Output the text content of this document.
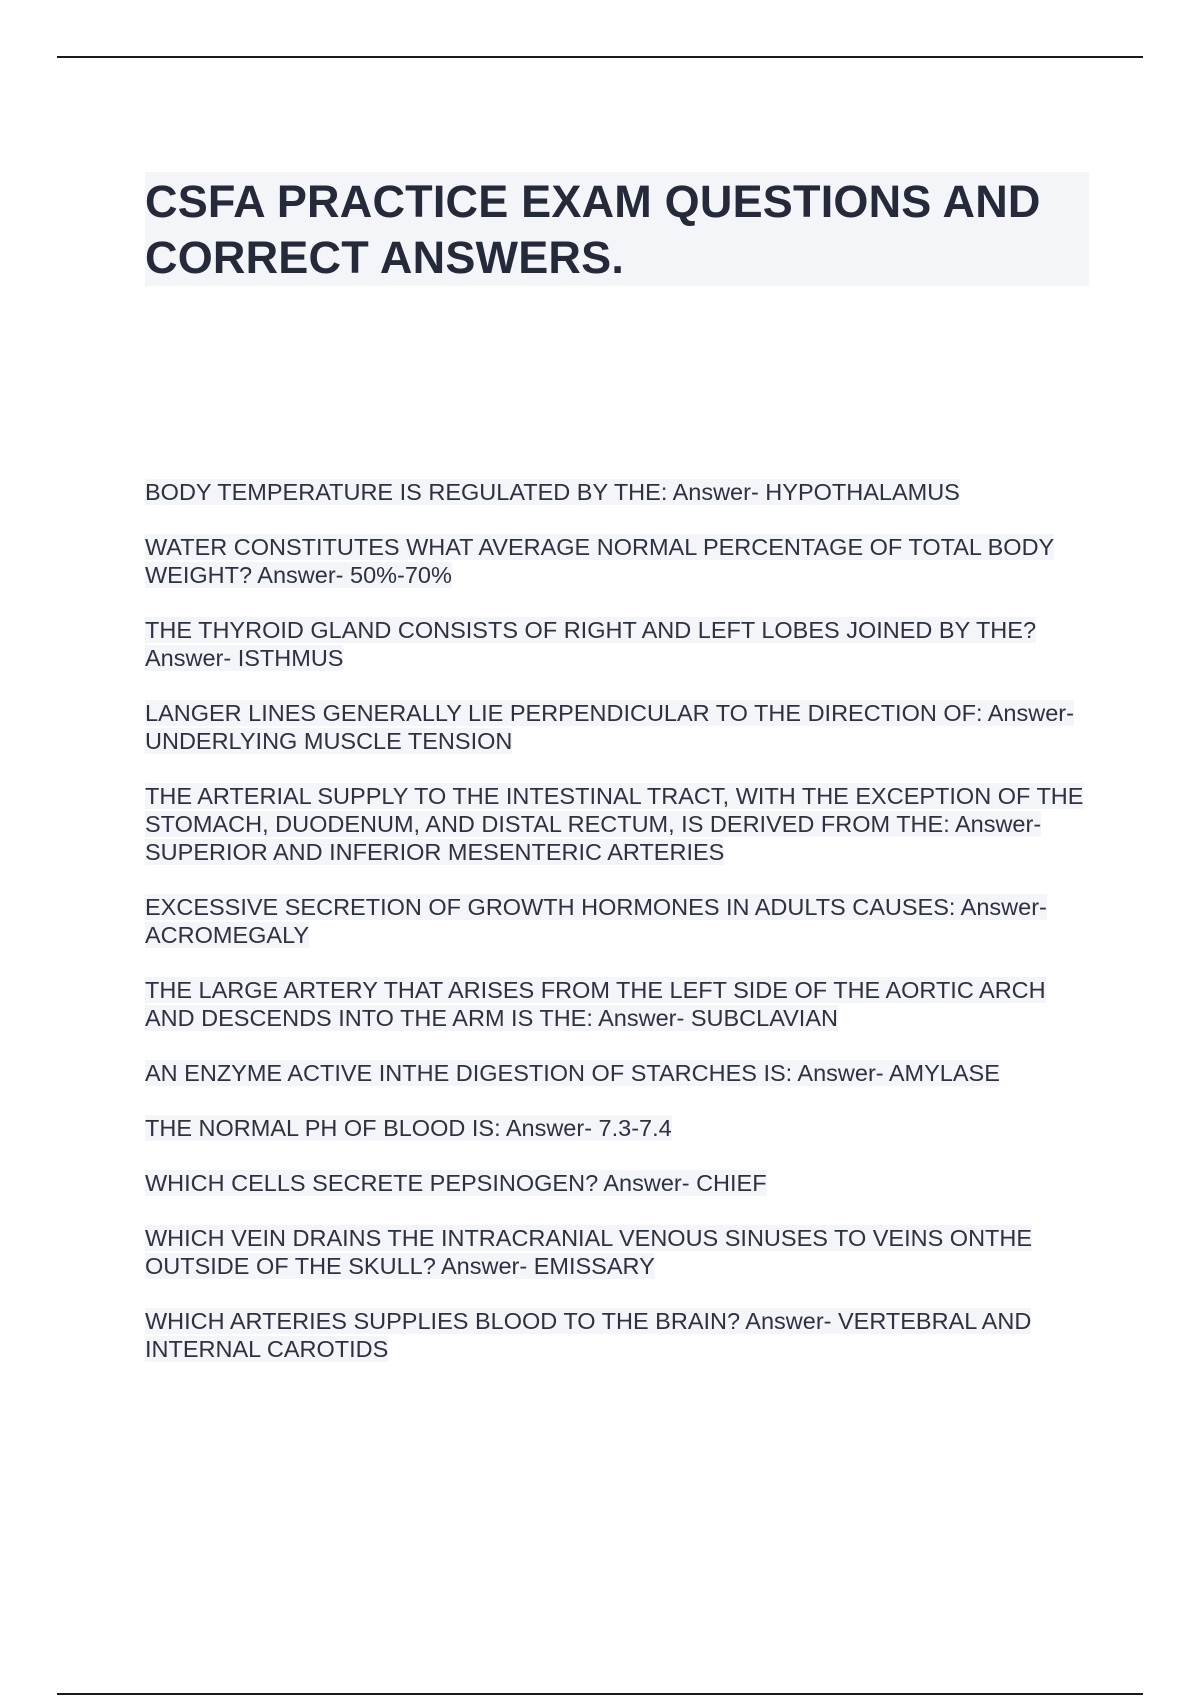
CSFA PRACTICE EXAM QUESTIONS AND CORRECT ANSWERS.
BODY TEMPERATURE IS REGULATED BY THE: Answer- HYPOTHALAMUS
WATER CONSTITUTES WHAT AVERAGE NORMAL PERCENTAGE OF TOTAL BODY WEIGHT? Answer- 50%-70%
THE THYROID GLAND CONSISTS OF RIGHT AND LEFT LOBES JOINED BY THE? Answer- ISTHMUS
LANGER LINES GENERALLY LIE PERPENDICULAR TO THE DIRECTION OF: Answer- UNDERLYING MUSCLE TENSION
THE ARTERIAL SUPPLY TO THE INTESTINAL TRACT, WITH THE EXCEPTION OF THE STOMACH, DUODENUM, AND DISTAL RECTUM, IS DERIVED FROM THE: Answer- SUPERIOR AND INFERIOR MESENTERIC ARTERIES
EXCESSIVE SECRETION OF GROWTH HORMONES IN ADULTS CAUSES: Answer- ACROMEGALY
THE LARGE ARTERY THAT ARISES FROM THE LEFT SIDE OF THE AORTIC ARCH AND DESCENDS INTO THE ARM IS THE: Answer- SUBCLAVIAN
AN ENZYME ACTIVE INTHE DIGESTION OF STARCHES IS: Answer- AMYLASE
THE NORMAL PH OF BLOOD IS: Answer- 7.3-7.4
WHICH CELLS SECRETE PEPSINOGEN? Answer- CHIEF
WHICH VEIN DRAINS THE INTRACRANIAL VENOUS SINUSES TO VEINS ONTHE OUTSIDE OF THE SKULL? Answer- EMISSARY
WHICH ARTERIES SUPPLIES BLOOD TO THE BRAIN? Answer- VERTEBRAL AND INTERNAL CAROTIDS
